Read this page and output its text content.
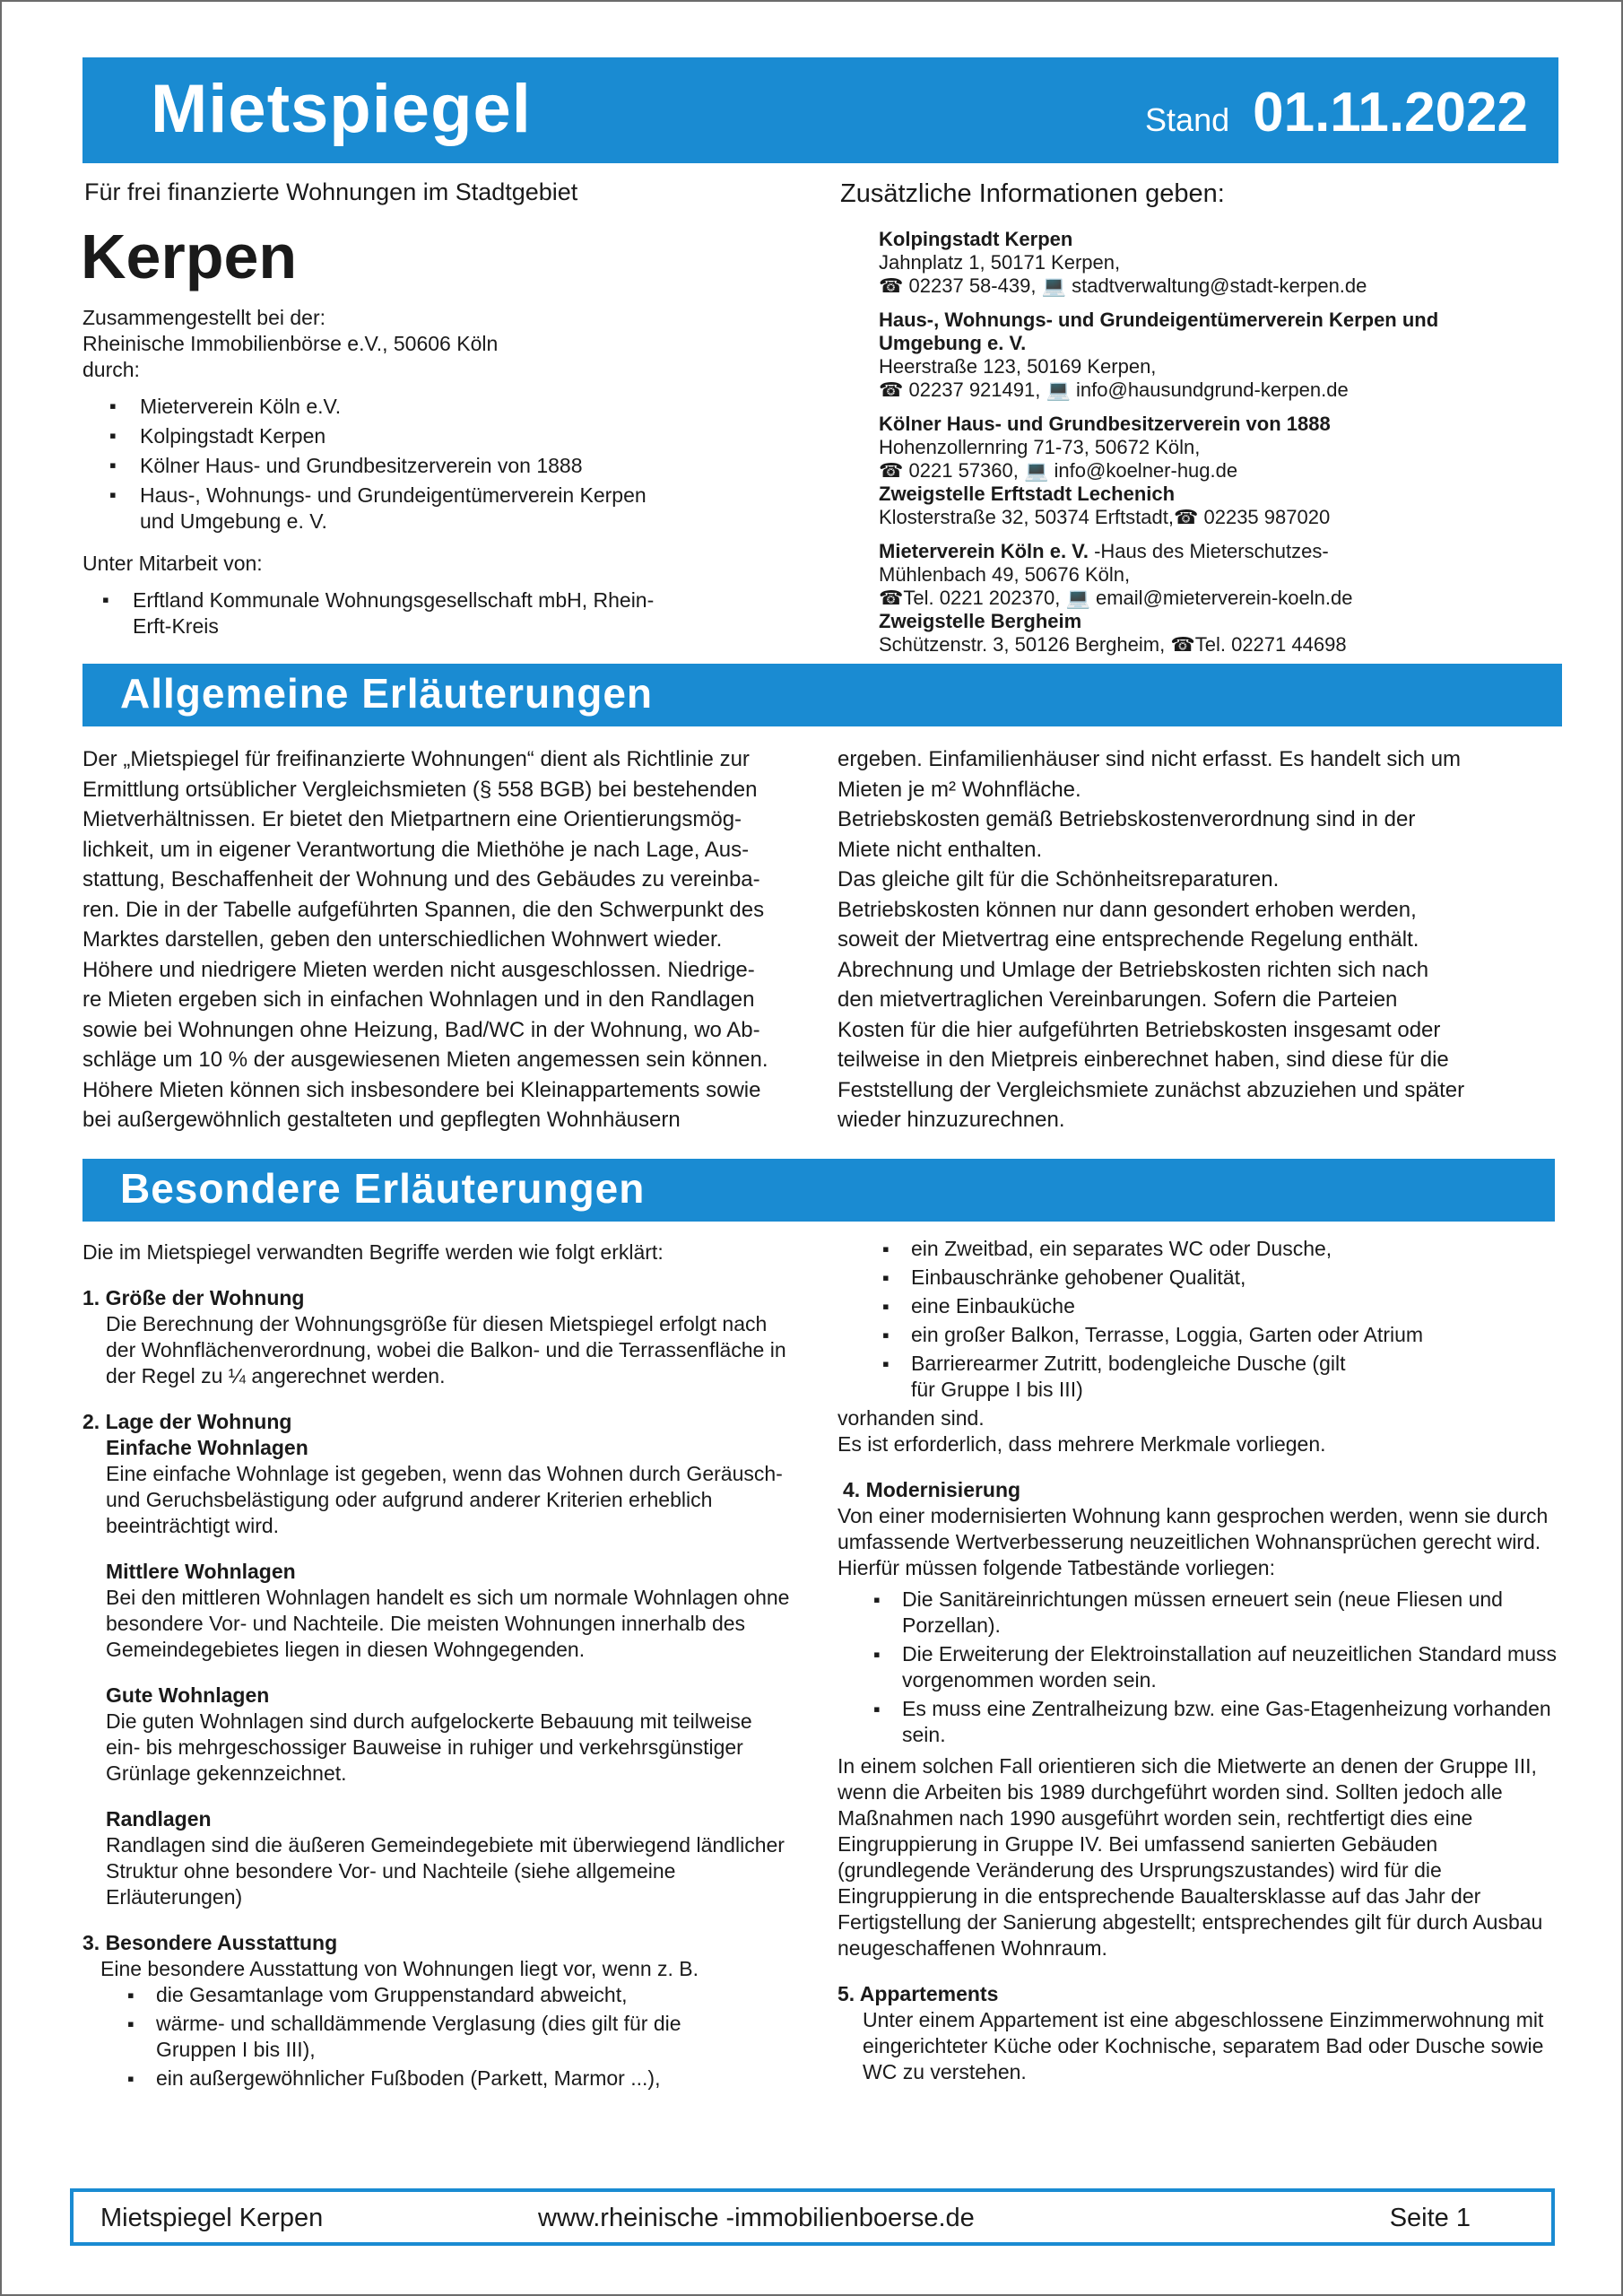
Mietspiegel	Stand 01.11.2022
Für frei finanzierte Wohnungen im Stadtgebiet
Kerpen
Zusammengestellt bei der:
Rheinische Immobilienbörse e.V., 50606 Köln
durch:
▪ Mieterverein Köln e.V.
▪ Kolpingstadt Kerpen
▪ Kölner Haus- und Grundbesitzerverein von 1888
▪ Haus-, Wohnungs- und Grundeigentümerverein Kerpen und Umgebung e. V.
Unter Mitarbeit von:
▪ Erftland Kommunale Wohnungsgesellschaft mbH, Rhein-Erft-Kreis
Zusätzliche Informationen geben:
Kolpingstadt Kerpen
Jahnplatz 1, 50171 Kerpen,
☎ 02237 58-439, 💻 stadtverwaltung@stadt-kerpen.de
Haus-, Wohnungs- und Grundeigentümerverein Kerpen und Umgebung e. V.
Heerstraße 123, 50169 Kerpen,
☎ 02237 921491, 💻 info@hausundgrund-kerpen.de
Kölner Haus- und Grundbesitzerverein von 1888
Hohenzollernring 71-73, 50672 Köln,
☎ 0221 57360, 💻 info@koelner-hug.de
Zweigstelle Erftstadt Lechenich
Klosterstraße 32, 50374 Erftstadt,☎ 02235 987020
Mieterverein Köln e. V. -Haus des Mieterschutzes-
Mühlenbach 49, 50676 Köln,
☎Tel. 0221 202370, 💻 email@mieterverein-koeln.de
Zweigstelle Bergheim
Schützenstr. 3, 50126 Bergheim, ☎Tel. 02271 44698
Allgemeine Erläuterungen

Der „Mietspiegel für freifinanzierte Wohnungen“ dient als Richtlinie zur

Ermittlung ortsüblicher Vergleichsmieten (§ 558 BGB) bei bestehenden

Mietverhältnissen. Er bietet den Mietpartnern eine Orientierungsmög-

lichkeit, um in eigener Verantwortung die Miethöhe je nach Lage, Aus-

stattung, Beschaffenheit der Wohnung und des Gebäudes zu vereinba-

ren. Die in der Tabelle aufgeführten Spannen, die den Schwerpunkt des

Marktes darstellen, geben den unterschiedlichen Wohnwert wieder.

Höhere und niedrigere Mieten werden nicht ausgeschlossen. Niedrige-

re Mieten ergeben sich in einfachen Wohnlagen und in den Randlagen

sowie bei Wohnungen ohne Heizung, Bad/WC in der Wohnung, wo Ab-

schläge um 10 % der ausgewiesenen Mieten angemessen sein können.

Höhere Mieten können sich insbesondere bei Kleinappartements sowie

bei außergewöhnlich gestalteten und gepflegten Wohnhäusern

ergeben. Einfamilienhäuser sind nicht erfasst. Es handelt sich um

Mieten je m² Wohnfläche.

Betriebskosten gemäß Betriebskostenverordnung sind in der

Miete nicht enthalten.

Das gleiche gilt für die Schönheitsreparaturen.

Betriebskosten können nur dann gesondert erhoben werden,

soweit der Mietvertrag eine entsprechende Regelung enthält.

Abrechnung und Umlage der Betriebskosten richten sich nach

den mietvertraglichen Vereinbarungen. Sofern die Parteien

Kosten für die hier aufgeführten Betriebskosten insgesamt oder

teilweise in den Mietpreis einberechnet haben, sind diese für die

Feststellung der Vergleichsmiete zunächst abzuziehen und später

wieder hinzuzurechnen.

Besondere Erläuterungen
Die im Mietspiegel verwandten Begriffe werden wie folgt erklärt:
1. Größe der Wohnung
Die Berechnung der Wohnungsgröße für diesen Mietspiegel erfolgt nach der Wohnflächenverordnung, wobei die Balkon- und die Terrassenfläche in der Regel zu ¼ angerechnet werden.
2. Lage der Wohnung
Einfache Wohnlagen
Eine einfache Wohnlage ist gegeben, wenn das Wohnen durch Geräusch- und Geruchsbelästigung oder aufgrund anderer Kriterien erheblich beeinträchtigt wird.
Mittlere Wohnlagen
Bei den mittleren Wohnlagen handelt es sich um normale Wohnlagen ohne besondere Vor- und Nachteile. Die meisten Wohnungen innerhalb des Gemeindegebietes liegen in diesen Wohngegenden.
Gute Wohnlagen
Die guten Wohnlagen sind durch aufgelockerte Bebauung mit teilweise ein- bis mehrgeschossiger Bauweise in ruhiger und verkehrsgünstiger Grünlage gekennzeichnet.
Randlagen
Randlagen sind die äußeren Gemeindegebiete mit überwiegend ländlicher Struktur ohne besondere Vor- und Nachteile (siehe allgemeine Erläuterungen)
3. Besondere Ausstattung
Eine besondere Ausstattung von Wohnungen liegt vor, wenn z. B.
▪ die Gesamtanlage vom Gruppenstandard abweicht,
▪ wärme- und schalldämmende Verglasung (dies gilt für die Gruppen I bis III),
▪ ein außergewöhnlicher Fußboden (Parkett, Marmor ...),
▪ ein Zweitbad, ein separates WC oder Dusche,
▪ Einbauschränke gehobener Qualität,
▪ eine Einbauküche
▪ ein großer Balkon, Terrasse, Loggia, Garten oder Atrium
▪ Barrierearmer Zutritt, bodengleiche Dusche (gilt für Gruppe I bis III)
vorhanden sind.
Es ist erforderlich, dass mehrere Merkmale vorliegen.
4. Modernisierung
Von einer modernisierten Wohnung kann gesprochen werden, wenn sie durch umfassende Wertverbesserung neuzeitlichen Wohnansprüchen gerecht wird. Hierfür müssen folgende Tatbestände vorliegen:
▪ Die Sanitäreinrichtungen müssen erneuert sein (neue Fliesen und Porzellan).
▪ Die Erweiterung der Elektroinstallation auf neuzeitlichen Standard muss vorgenommen worden sein.
▪ Es muss eine Zentralheizung bzw. eine Gas-Etagenheizung vorhanden sein.
In einem solchen Fall orientieren sich die Mietwerte an denen der Gruppe III, wenn die Arbeiten bis 1989 durchgeführt worden sind. Sollten jedoch alle Maßnahmen nach 1990 ausgeführt worden sein, rechtfertigt dies eine Eingruppierung in Gruppe IV. Bei umfassend sanierten Gebäuden (grundlegende Veränderung des Ursprungszustandes) wird für die Eingruppierung in die entsprechende Baualtersklasse auf das Jahr der Fertigstellung der Sanierung abgestellt; entsprechendes gilt für durch Ausbau neugeschaffenen Wohnraum.
5. Appartements
Unter einem Appartement ist eine abgeschlossene Einzimmerwohnung mit eingerichteter Küche oder Kochnische, separatem Bad oder Dusche sowie WC zu verstehen.
Mietspiegel Kerpen	www.rheinische -immobilienboerse.de	Seite 1
